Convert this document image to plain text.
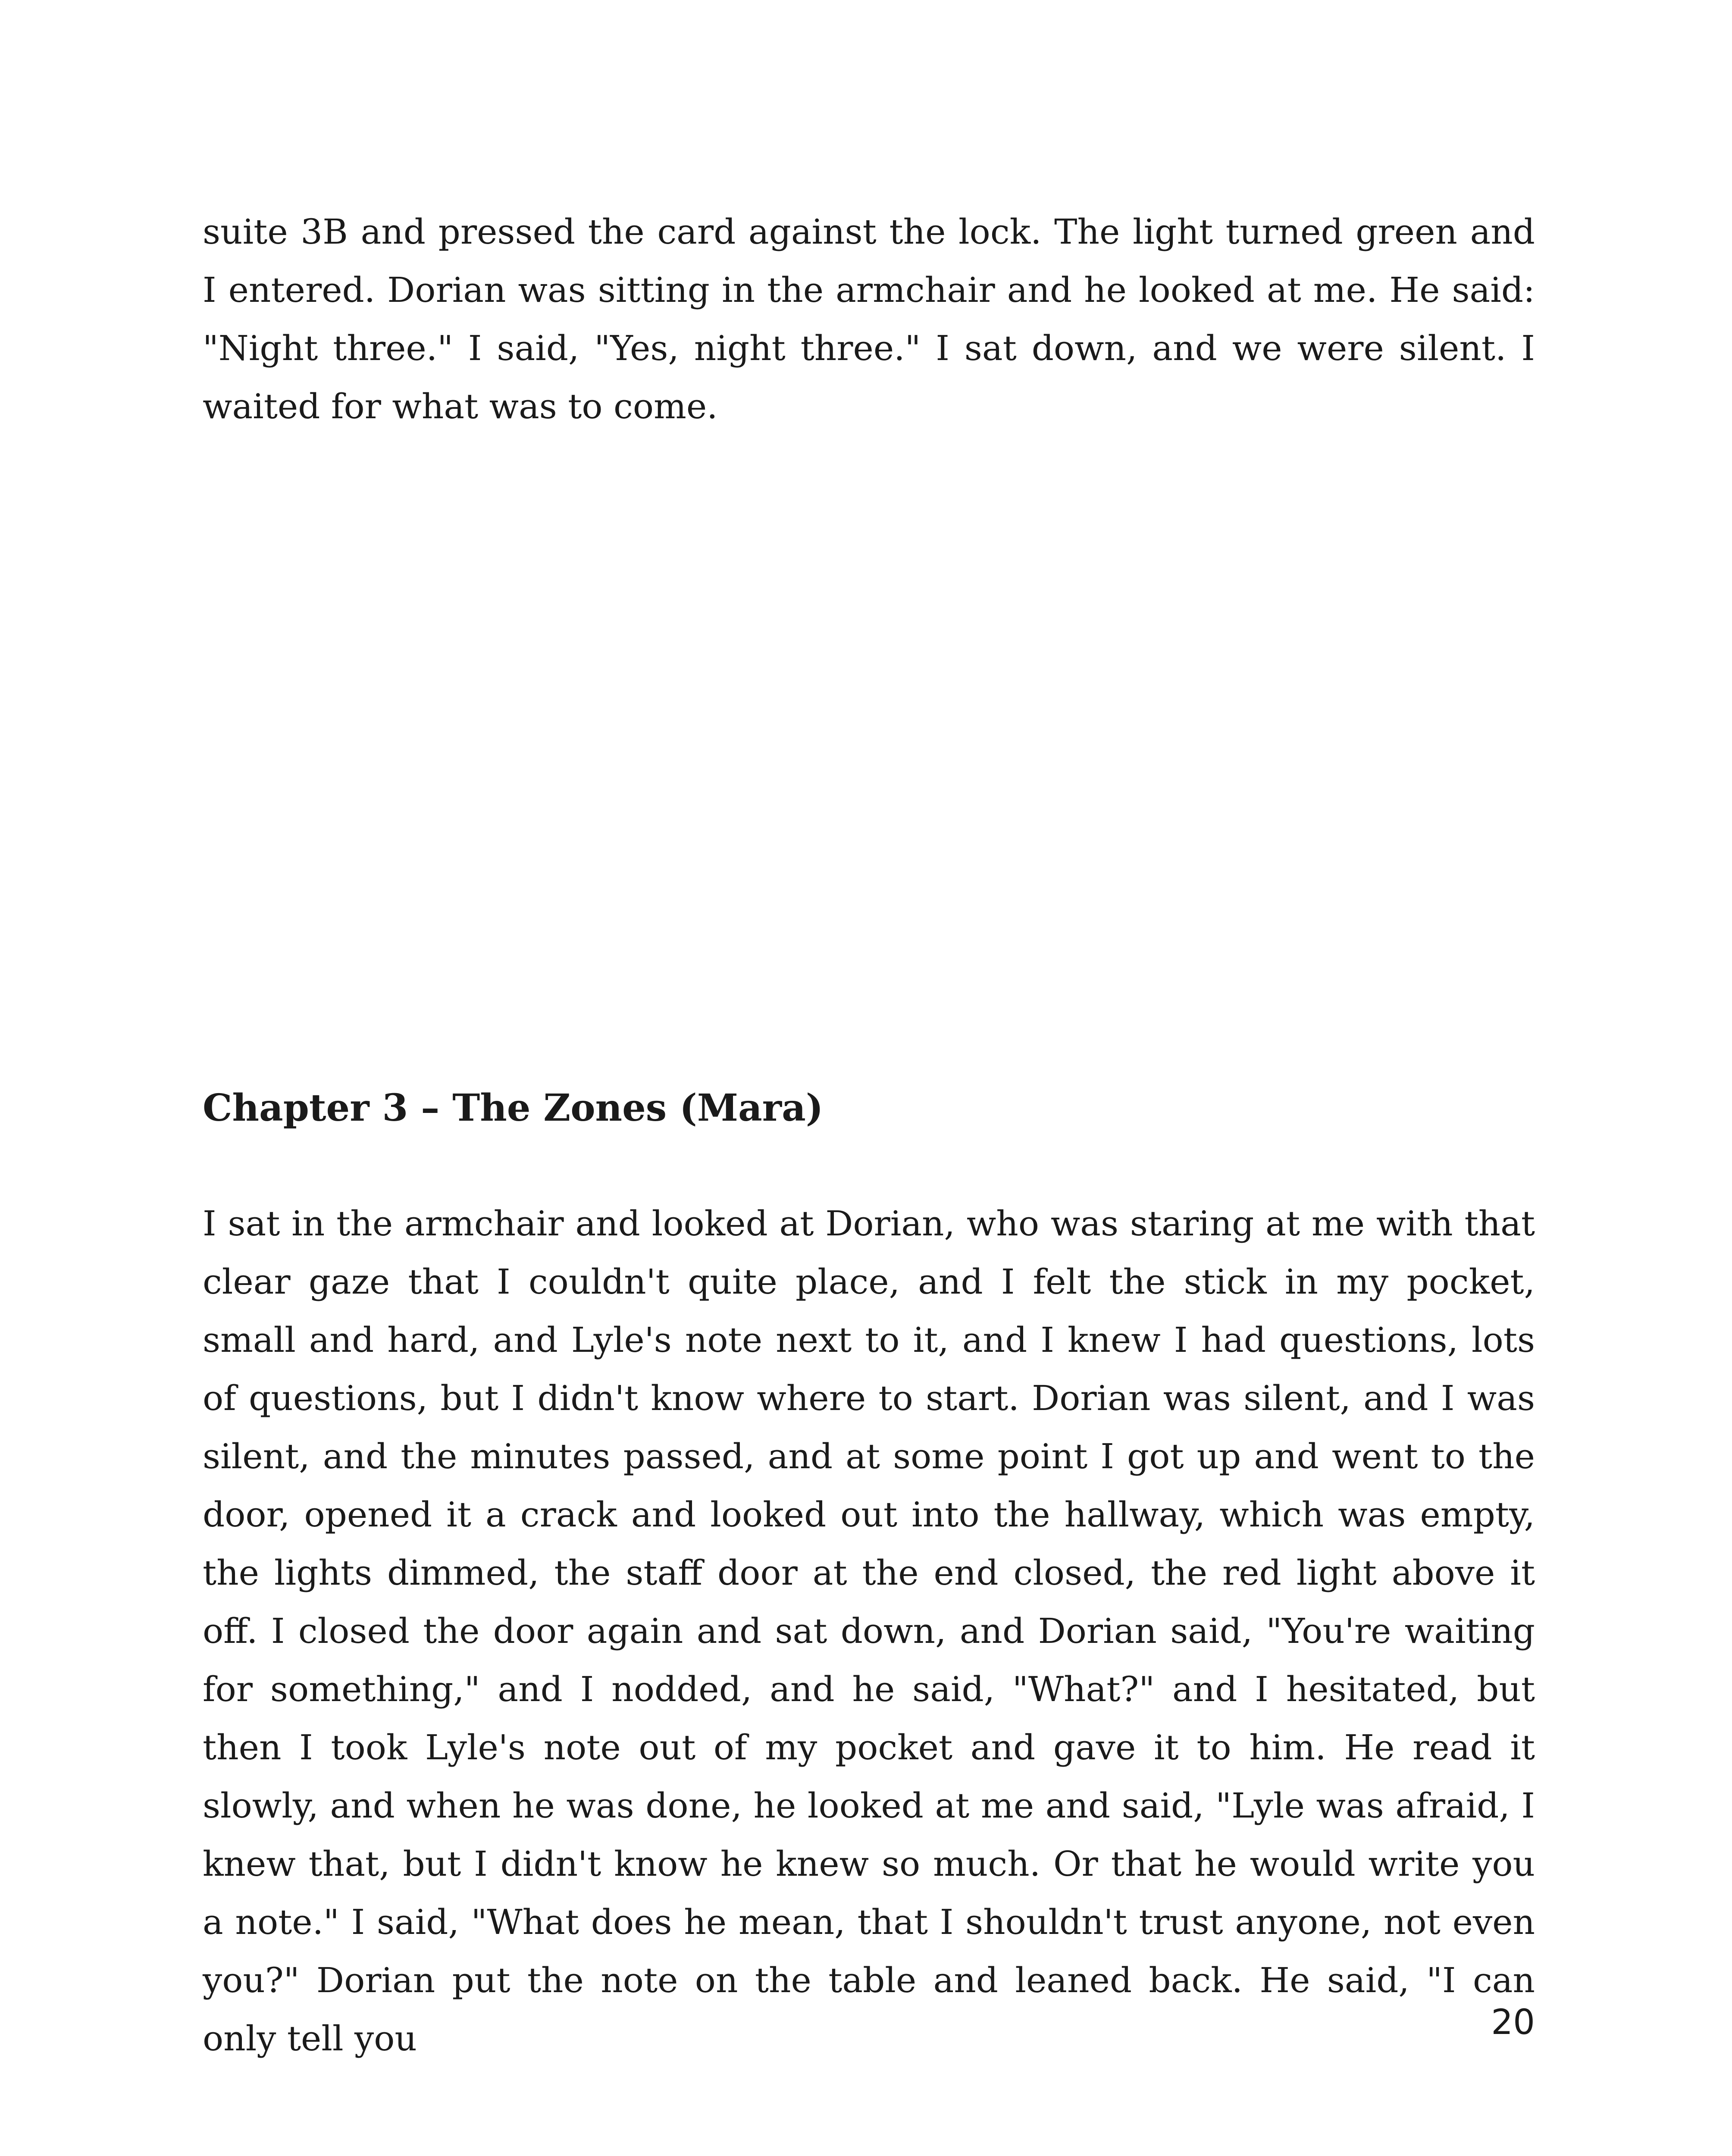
suite 3B and pressed the card against the lock. The light turned green and I entered. Dorian was sitting in the armchair and he looked at me. He said: "Night three." I said, "Yes, night three." I sat down, and we were silent. I waited for what was to come.

Chapter 3 – The Zones (Mara)

I sat in the armchair and looked at Dorian, who was staring at me with that clear gaze that I couldn't quite place, and I felt the stick in my pocket, small and hard, and Lyle's note next to it, and I knew I had questions, lots of questions, but I didn't know where to start. Dorian was silent, and I was silent, and the minutes passed, and at some point I got up and went to the door, opened it a crack and looked out into the hallway, which was empty, the lights dimmed, the staff door at the end closed, the red light above it off. I closed the door again and sat down, and Dorian said, "You're waiting for something," and I nodded, and he said, "What?" and I hesitated, but then I took Lyle's note out of my pocket and gave it to him. He read it slowly, and when he was done, he looked at me and said, "Lyle was afraid, I knew that, but I didn't know he knew so much. Or that he would write you a note." I said, "What does he mean, that I shouldn't trust anyone, not even you?" Dorian put the note on the table and leaned back. He said, "I can only tell you	20
